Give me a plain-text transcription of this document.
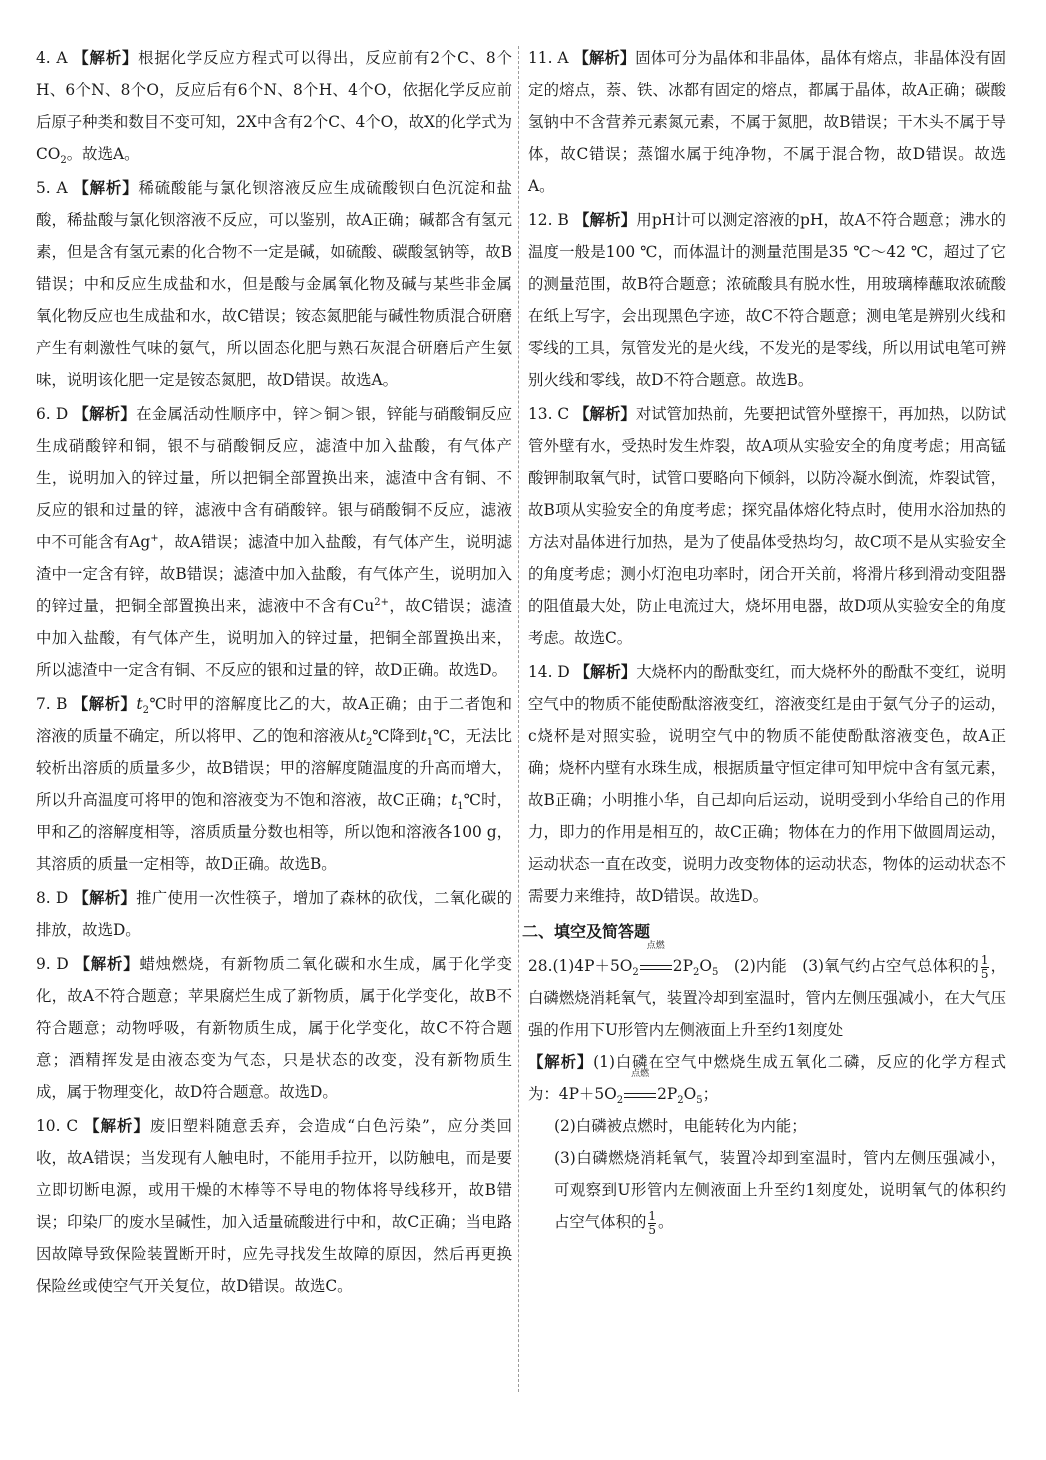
4. A 【解析】根据化学反应方程式可以得出，反应前有2个C、8个H、6个N、8个O，反应后有6个N、8个H、4个O，依据化学反应前后原子种类和数目不变可知，2X中含有2个C、4个O，故X的化学式为$CO_2$。故选A。
5. A 【解析】稀硫酸能与氯化钡溶液反应生成硫酸钡白色沉淀和盐酸，稀盐酸与氯化钡溶液不反应，可以鉴别，故A正确；碱都含有氢元素，但是含有氢元素的化合物不一定是碱，如硫酸、碳酸氢钠等，故B错误；中和反应生成盐和水，但是酸与金属氧化物及碱与某些非金属氧化物反应也生成盐和水，故C错误；铵态氮肥能与碱性物质混合研磨产生有刺激性气味的氨气，所以固态化肥与熟石灰混合研磨后产生氨味，说明该化肥一定是铵态氮肥，故D错误。故选A。
6. D 【解析】在金属活动性顺序中，锌＞铜＞银，锌能与硝酸铜反应生成硝酸锌和铜，银不与硝酸铜反应，滤渣中加入盐酸，有气体产生，说明加入的锌过量，所以把铜全部置换出来，滤渣中含有铜、不反应的银和过量的锌，滤液中含有硝酸锌。银与硝酸铜不反应，滤液中不可能含有Ag+，故A错误；滤渣中加入盐酸，有气体产生，说明滤渣中一定含有锌，故B错误；滤渣中加入盐酸，有气体产生，说明加入的锌过量，把铜全部置换出来，滤液中不含有$Cu^{2+}$，故C错误；滤渣中加入盐酸，有气体产生，说明加入的锌过量，把铜全部置换出来，所以滤渣中一定含有铜、不反应的银和过量的锌，故D正确。故选D。
7. B 【解析】$t_2℃$时甲的溶解度比乙的大，故A正确；由于二者饱和溶液的质量不确定，所以将甲、乙的饱和溶液从$t_2℃$降到$t_1℃$，无法比较析出溶质的质量多少，故B错误；甲的溶解度随温度的升高而增大，所以升高温度可将甲的饱和溶液变为不饱和溶液，故C正确；$t_1℃$时，甲和乙的溶解度相等，溶质质量分数也相等，所以饱和溶液各100 g，其溶质的质量一定相等，故D正确。故选B。
8. D 【解析】推广使用一次性筷子，增加了森林的砍伐，二氧化碳的排放，故选D。
9. D 【解析】蜡烛燃烧，有新物质二氧化碳和水生成，属于化学变化，故A不符合题意；苹果腐烂生成了新物质，属于化学变化，故B不符合题意；动物呼吸，有新物质生成，属于化学变化，故C不符合题意；酒精挥发是由液态变为气态，只是状态的改变，没有新物质生成，属于物理变化，故D符合题意。故选D。
10. C 【解析】废旧塑料随意丢弃，会造成“白色污染”，应分类回收，故A错误；当发现有人触电时，不能用手拉开，以防触电，而是要立即切断电源，或用干燥的木棒等不导电的物体将导线移开，故B错误；印染厂的废水呈碱性，加入适量硫酸进行中和，故C正确；当电路因故障导致保险装置断开时，应先寻找发生故障的原因，然后再更换保险丝或使空气开关复位，故D错误。故选C。
11. A 【解析】固体可分为晶体和非晶体，晶体有熔点，非晶体没有固定的熔点，萘、铁、冰都有固定的熔点，都属于晶体，故A正确；碳酸氢钠中不含营养元素氮元素，不属于氮肥，故B错误；干木头不属于导体，故C错误；蒸馏水属于纯净物，不属于混合物，故D错误。故选A。
12. B 【解析】用pH计可以测定溶液的pH，故A不符合题意；沸水的温度一般是100 ℃，而体温计的测量范围是35 ℃～42 ℃，超过了它的测量范围，故B符合题意；浓硫酸具有脱水性，用玻璃棒蘸取浓硫酸在纸上写字，会出现黑色字迹，故C不符合题意；测电笔是辨别火线和零线的工具，氖管发光的是火线，不发光的是零线，所以用试电笔可辨别火线和零线，故D不符合题意。故选B。
13. C 【解析】对试管加热前，先要把试管外壁擦干，再加热，以防试管外壁有水，受热时发生炸裂，故A项从实验安全的角度考虑；用高锰酸钾制取氧气时，试管口要略向下倾斜，以防冷凝水倒流，炸裂试管，故B项从实验安全的角度考虑；探究晶体熔化特点时，使用水浴加热的方法对晶体进行加热，是为了使晶体受热均匀，故C项不是从实验安全的角度考虑；测小灯泡电功率时，闭合开关前，将滑片移到滑动变阻器的阻值最大处，防止电流过大，烧坏用电器，故D项从实验安全的角度考虑。故选C。
14. D 【解析】大烧杯内的酚酞变红，而大烧杯外的酚酞不变红，说明空气中的物质不能使酚酞溶液变红，溶液变红是由于氨气分子的运动，c烧杯是对照实验，说明空气中的物质不能使酚酞溶液变色，故A正确；烧杯内壁有水珠生成，根据质量守恒定律可知甲烷中含有氢元素，故B正确；小明推小华，自己却向后运动，说明受到小华给自己的作用力，即力的作用是相互的，故C正确；物体在力的作用下做圆周运动，运动状态一直在改变，说明力改变物体的运动状态，物体的运动状态不需要力来维持，故D错误。故选D。
二、填空及简答题

$28.(1)4P+5O_2$
点燃
$2P_2O_5$　(2)内能　(3)氧气约占空气总体积的 $\frac{1}{5}$ ，白磷燃烧消耗氧气，装置冷却到室温时，管内左侧压强减小，在大气压强的作用下U形管内左侧液面上升至约1刻度处

【解析】(1)白磷在空气中燃烧生成五氧化二磷，反应的化学方程式为：$4P+5O_2$
点燃
$2P_2O_5$；

(2)白磷被点燃时，电能转化为内能；

(3)白磷燃烧消耗氧气，装置冷却到室温时，管内左侧压强减小，可观察到U形管内左侧液面上升至约1刻度处，说明氧气的体积约占空气体积的 $\frac{1}{5}$ 。
